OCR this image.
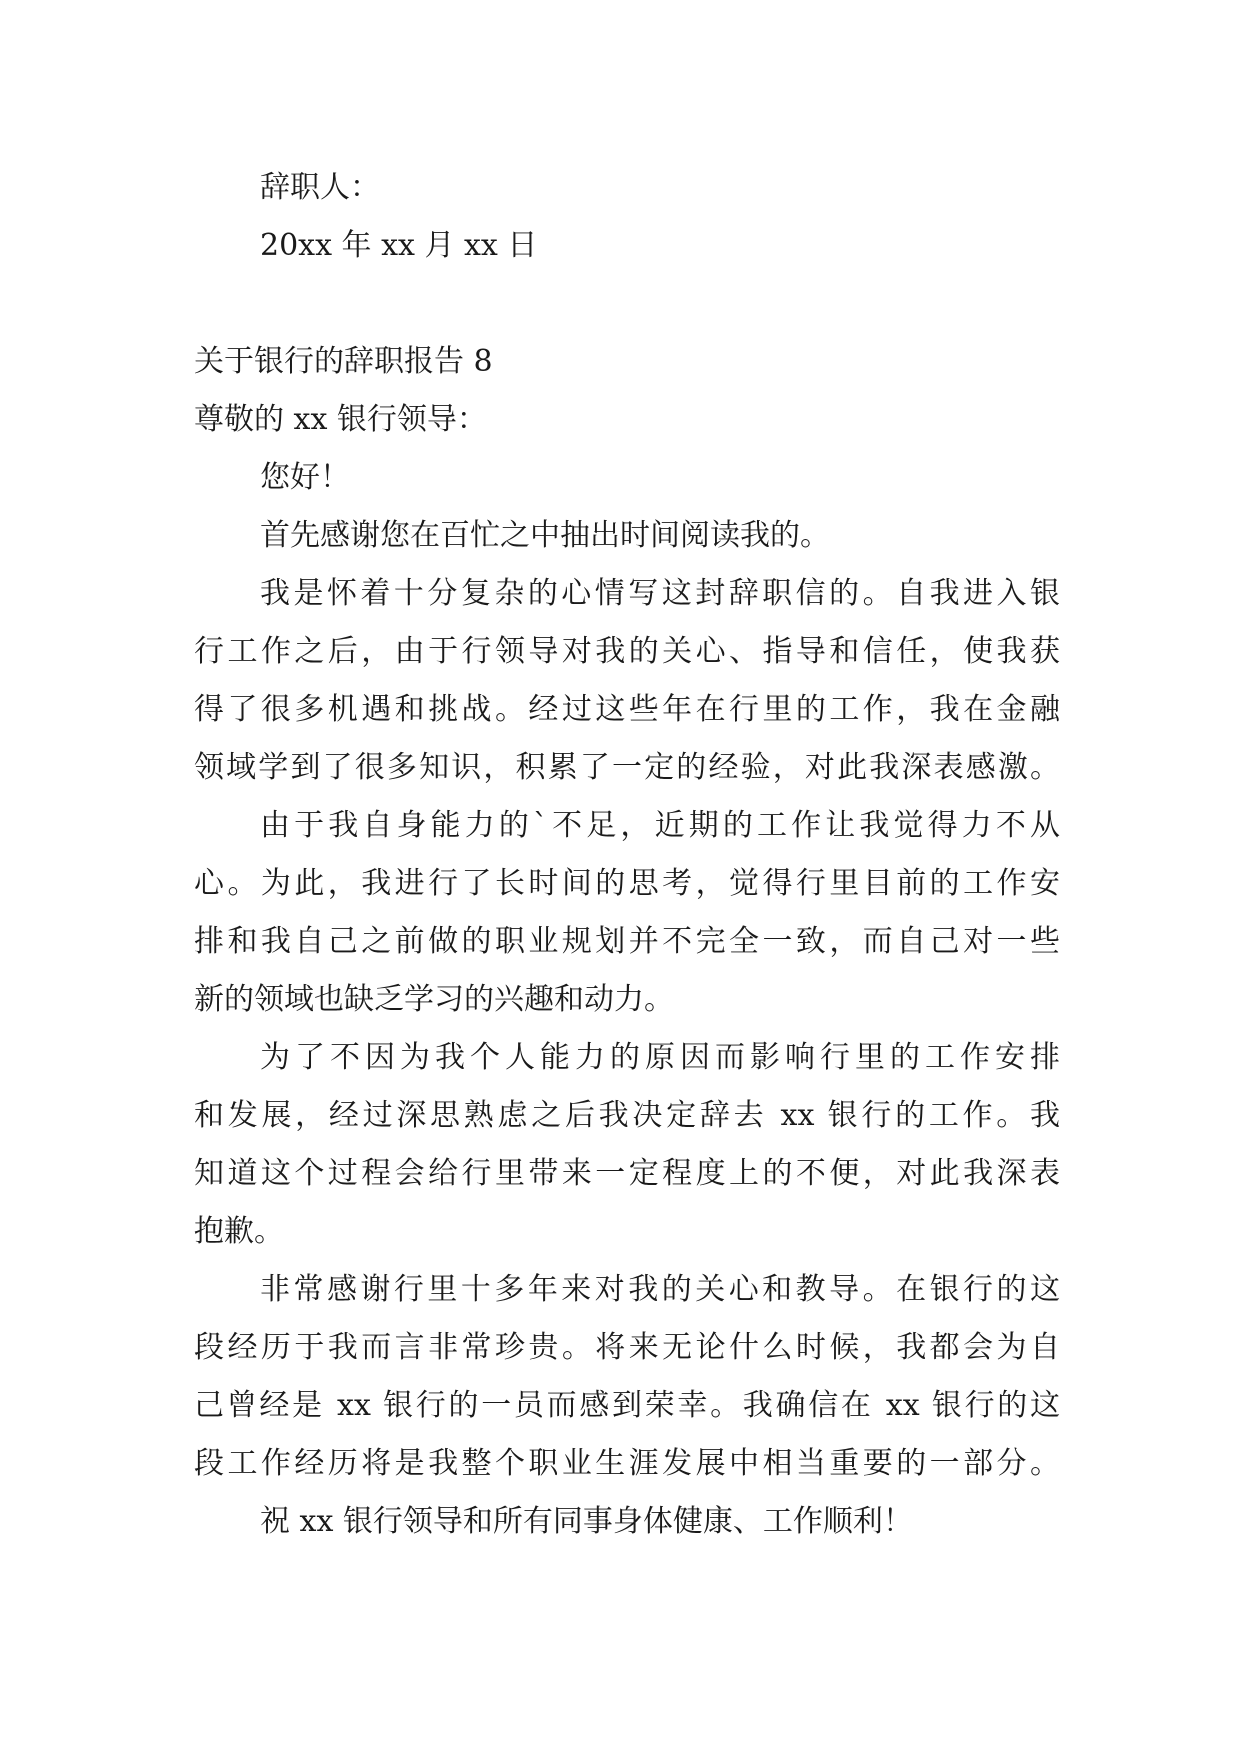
辞职人：

20xx 年 xx 月 xx 日

关于银行的辞职报告 8

尊敬的 xx 银行领导：

您好！

首先感谢您在百忙之中抽出时间阅读我的。

我是怀着十分复杂的心情写这封辞职信的。自我进入银

行工作之后，由于行领导对我的关心、指导和信任，使我获

得了很多机遇和挑战。经过这些年在行里的工作，我在金融

领域学到了很多知识，积累了一定的经验，对此我深表感激。

由于我自身能力的`不足，近期的工作让我觉得力不从

心。为此，我进行了长时间的思考，觉得行里目前的工作安

排和我自己之前做的职业规划并不完全一致，而自己对一些

新的领域也缺乏学习的兴趣和动力。

为了不因为我个人能力的原因而影响行里的工作安排

和发展，经过深思熟虑之后我决定辞去 xx 银行的工作。我

知道这个过程会给行里带来一定程度上的不便，对此我深表

抱歉。

非常感谢行里十多年来对我的关心和教导。在银行的这

段经历于我而言非常珍贵。将来无论什么时候，我都会为自

己曾经是 xx 银行的一员而感到荣幸。我确信在 xx 银行的这

段工作经历将是我整个职业生涯发展中相当重要的一部分。

祝 xx 银行领导和所有同事身体健康、工作顺利！
